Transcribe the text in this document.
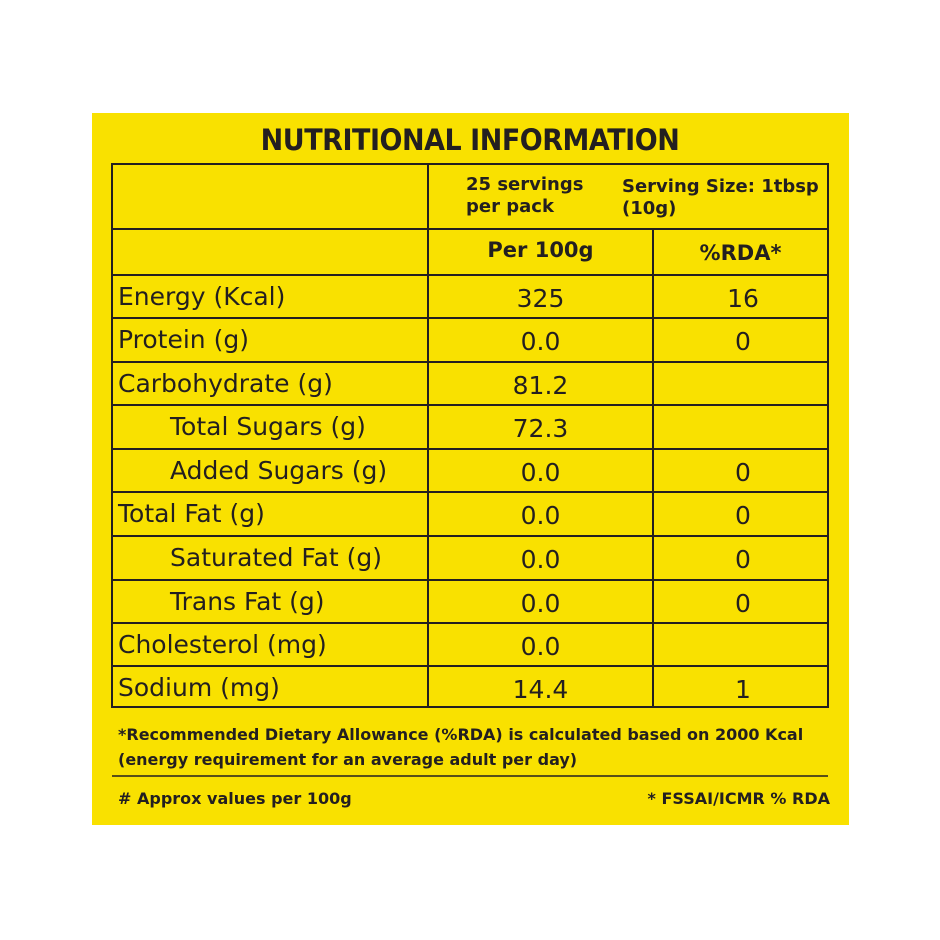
NUTRITIONAL INFORMATION
25 servings
per pack
Serving Size: 1tbsp
(10g)
Per 100g	%RDA*
Energy (Kcal)	325	16
Protein (g)	0.0	0
Carbohydrate (g)	81.2
Total Sugars (g)	72.3
Added Sugars (g)	0.0	0
Total Fat (g)	0.0	0
Saturated Fat (g)	0.0	0
Trans Fat (g)	0.0	0
Cholesterol (mg)	0.0
Sodium (mg)	14.4	1
*Recommended Dietary Allowance (%RDA) is calculated based on 2000 Kcal
(energy requirement for an average adult per day)
# Approx values per 100g	* FSSAI/ICMR % RDA
